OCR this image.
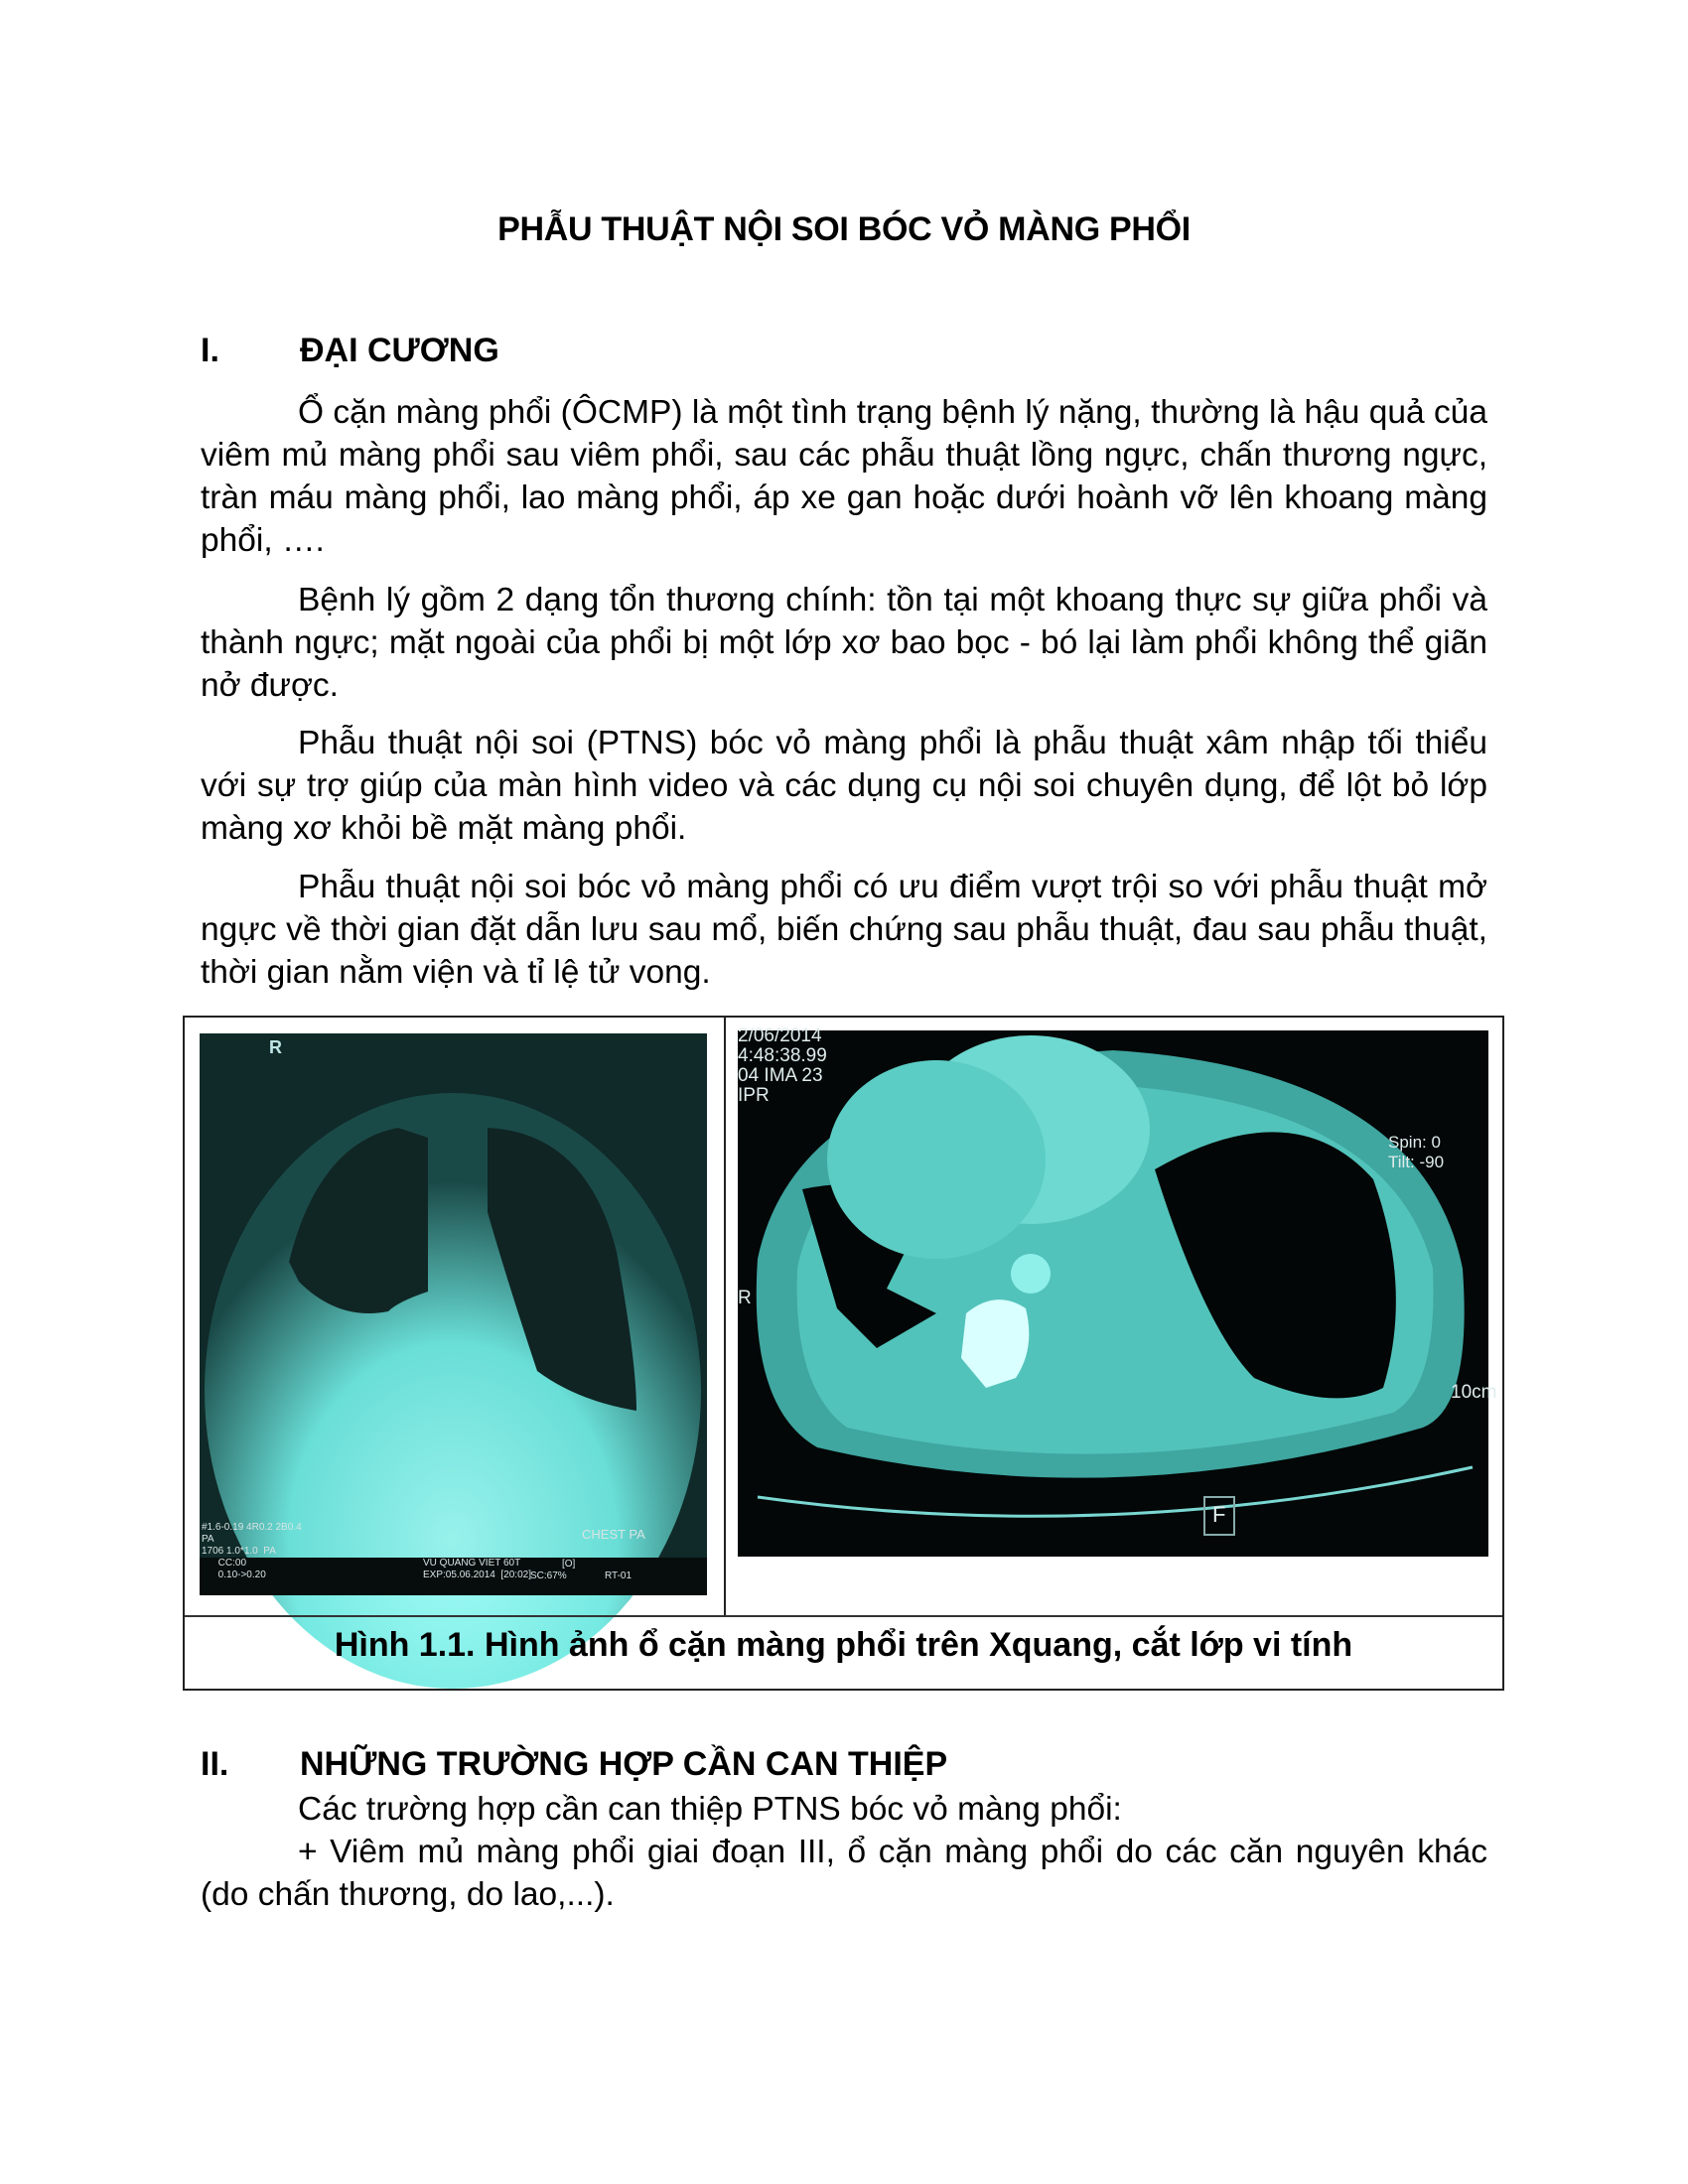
PHẪU THUẬT NỘI SOI BÓC VỎ MÀNG PHỔI
I. ĐẠI CƯƠNG

Ổ cặn màng phổi (ÔCMP) là một tình trạng bệnh lý nặng, thường là hậu quả của viêm mủ màng phổi sau viêm phổi, sau các phẫu thuật lồng ngực, chấn thương ngực, tràn máu màng phổi, lao màng phổi, áp xe gan hoặc dưới hoành vỡ lên khoang màng phổi, ….

Bệnh lý gồm 2 dạng tổn thương chính: tồn tại một khoang thực sự giữa phổi và thành ngực; mặt ngoài của phổi bị một lớp xơ bao bọc - bó lại làm phổi không thể giãn nở được.

Phẫu thuật nội soi (PTNS) bóc vỏ màng phổi là phẫu thuật xâm nhập tối thiểu với sự trợ giúp của màn hình video và các dụng cụ nội soi chuyên dụng, để lột bỏ lớp màng xơ khỏi bề mặt màng phổi.

Phẫu thuật nội soi bóc vỏ màng phổi có ưu điểm vượt trội so với phẫu thuật mở ngực về thời gian đặt dẫn lưu sau mổ, biến chứng sau phẫu thuật, đau sau phẫu thuật, thời gian nằm viện và tỉ lệ tử vong.

R
#1.6-0.19 4R0.2 2B0.4
PA
1706 1.0*1.0  PA
CC:00
0.10->0.20
CHEST PA
VU QUANG VIET 60T
EXP:05.06.2014  [20:02]
[O]
SC:67%	RT-01
2/06/2014
4:48:38.99
04 IMA 23
IPR
Spin: 0
Tilt: -90
R
10cm
F
Hình 1.1. Hình ảnh ổ cặn màng phổi trên Xquang, cắt lớp vi tính
II. NHỮNG TRƯỜNG HỢP CẦN CAN THIỆP

Các trường hợp cần can thiệp PTNS bóc vỏ màng phổi:

+ Viêm mủ màng phổi giai đoạn III, ổ cặn màng phổi do các căn nguyên khác (do chấn thương, do lao,...).
